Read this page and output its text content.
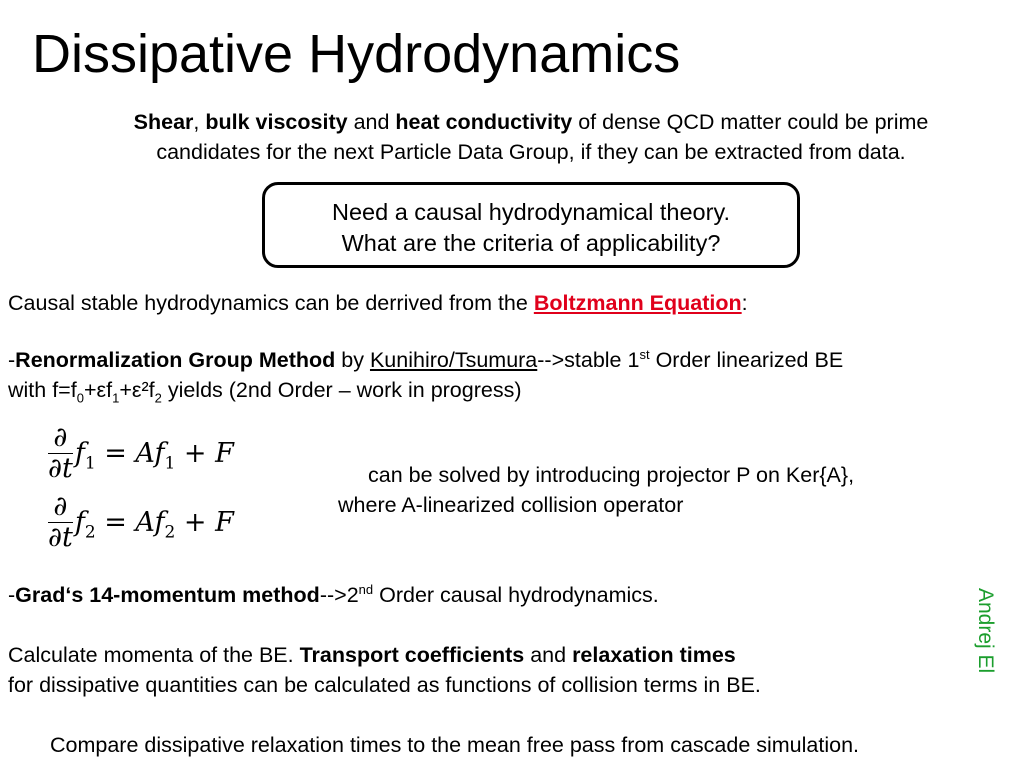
Dissipative Hydrodynamics
Shear, bulk viscosity and heat conductivity of dense QCD matter could be prime
candidates for the next Particle Data Group, if they can be extracted from data.
Need a causal hydrodynamical theory.
What are the criteria of applicability?
Causal stable hydrodynamics can be derrived from the Boltzmann Equation:
-Renormalization Group Method by Kunihiro/Tsumura-->stable 1st Order linearized BE
with $f=f_0+\varepsilon f_1+\varepsilon^2f_2$ yields (2nd Order – work in progress)
$\frac{\partial}{\partial t} f_1 = Af_1 + F$
$\frac{\partial}{\partial t} f_2 = Af_2 + F$
can be solved by introducing projector P on Ker{A},
where A-linearized collision operator
-Grad‘s 14-momentum method-->2nd Order causal hydrodynamics.
Calculate momenta of the BE. Transport coefficients and relaxation times
for dissipative quantities can be calculated as functions of collision terms in BE.
Compare dissipative relaxation times to the mean free pass from cascade simulation.
Andrej El
